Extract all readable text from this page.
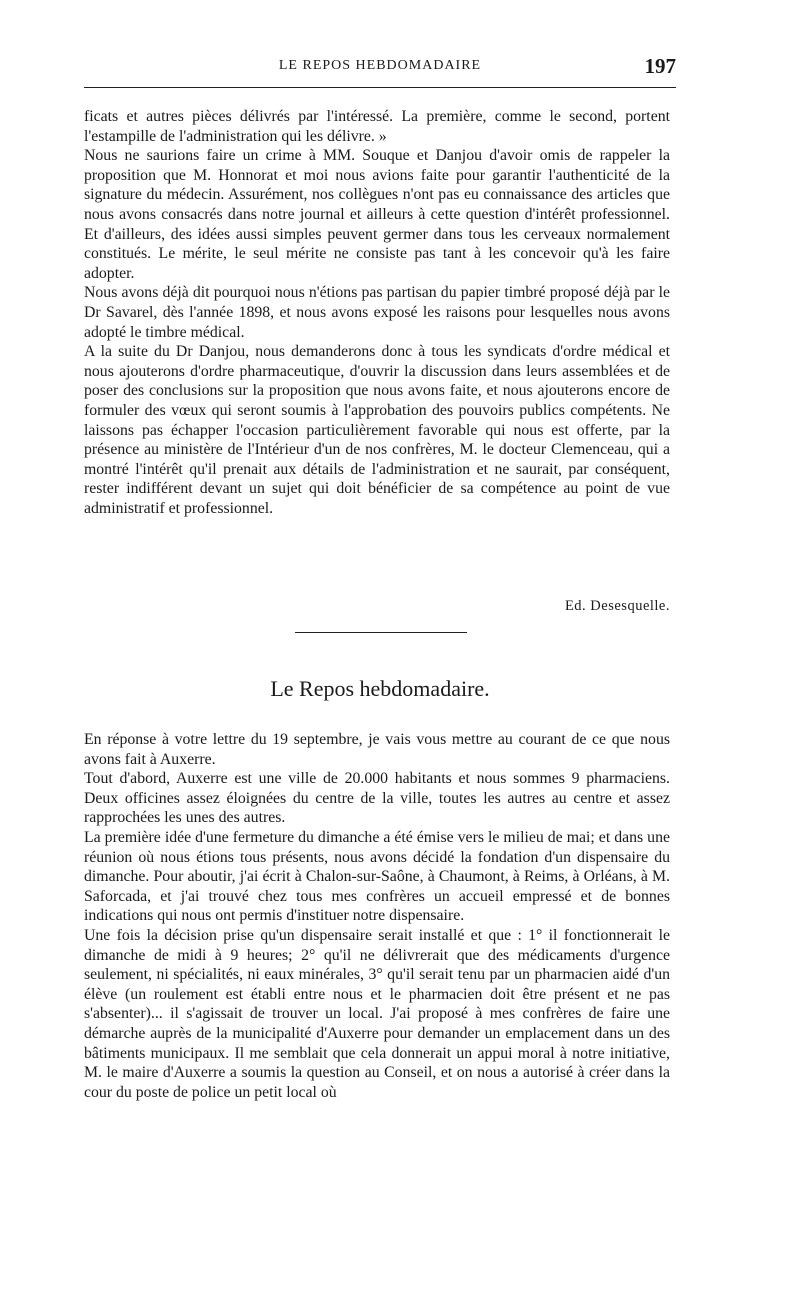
LE REPOS HEBDOMADAIRE	197

ficats et autres pièces délivrés par l'intéressé. La première, comme le second, portent l'estampille de l'administration qui les délivre. »

Nous ne saurions faire un crime à MM. Souque et Danjou d'avoir omis de rappeler la proposition que M. Honnorat et moi nous avions faite pour garantir l'authenticité de la signature du médecin. Assurément, nos collègues n'ont pas eu connaissance des articles que nous avons consacrés dans notre journal et ailleurs à cette question d'intérêt professionnel. Et d'ailleurs, des idées aussi simples peuvent germer dans tous les cerveaux normalement constitués. Le mérite, le seul mérite ne consiste pas tant à les concevoir qu'à les faire adopter.

Nous avons déjà dit pourquoi nous n'étions pas partisan du papier timbré proposé déjà par le Dr Savarel, dès l'année 1898, et nous avons exposé les raisons pour lesquelles nous avons adopté le timbre médical.

A la suite du Dr Danjou, nous demanderons donc à tous les syndicats d'ordre médical et nous ajouterons d'ordre pharmaceutique, d'ouvrir la discussion dans leurs assemblées et de poser des conclusions sur la proposition que nous avons faite, et nous ajouterons encore de formuler des vœux qui seront soumis à l'approbation des pouvoirs publics compétents. Ne laissons pas échapper l'occasion particulièrement favorable qui nous est offerte, par la présence au ministère de l'Intérieur d'un de nos confrères, M. le docteur Clemenceau, qui a montré l'intérêt qu'il prenait aux détails de l'administration et ne saurait, par conséquent, rester indifférent devant un sujet qui doit bénéficier de sa compétence au point de vue administratif et professionnel.

Ed. Desesquelle.
Le Repos hebdomadaire.

En réponse à votre lettre du 19 septembre, je vais vous mettre au courant de ce que nous avons fait à Auxerre.

Tout d'abord, Auxerre est une ville de 20.000 habitants et nous sommes 9 pharmaciens. Deux officines assez éloignées du centre de la ville, toutes les autres au centre et assez rapprochées les unes des autres.

La première idée d'une fermeture du dimanche a été émise vers le milieu de mai; et dans une réunion où nous étions tous présents, nous avons décidé la fondation d'un dispensaire du dimanche. Pour aboutir, j'ai écrit à Chalon-sur-Saône, à Chaumont, à Reims, à Orléans, à M. Saforcada, et j'ai trouvé chez tous mes confrères un accueil empressé et de bonnes indications qui nous ont permis d'instituer notre dispensaire.

Une fois la décision prise qu'un dispensaire serait installé et que : 1° il fonctionnerait le dimanche de midi à 9 heures; 2° qu'il ne délivrerait que des médicaments d'urgence seulement, ni spécialités, ni eaux minérales, 3° qu'il serait tenu par un pharmacien aidé d'un élève (un roulement est établi entre nous et le pharmacien doit être présent et ne pas s'absenter)... il s'agissait de trouver un local. J'ai proposé à mes confrères de faire une démarche auprès de la municipalité d'Auxerre pour demander un emplacement dans un des bâtiments municipaux. Il me semblait que cela donnerait un appui moral à notre initiative, M. le maire d'Auxerre a soumis la question au Conseil, et on nous a autorisé à créer dans la cour du poste de police un petit local où
